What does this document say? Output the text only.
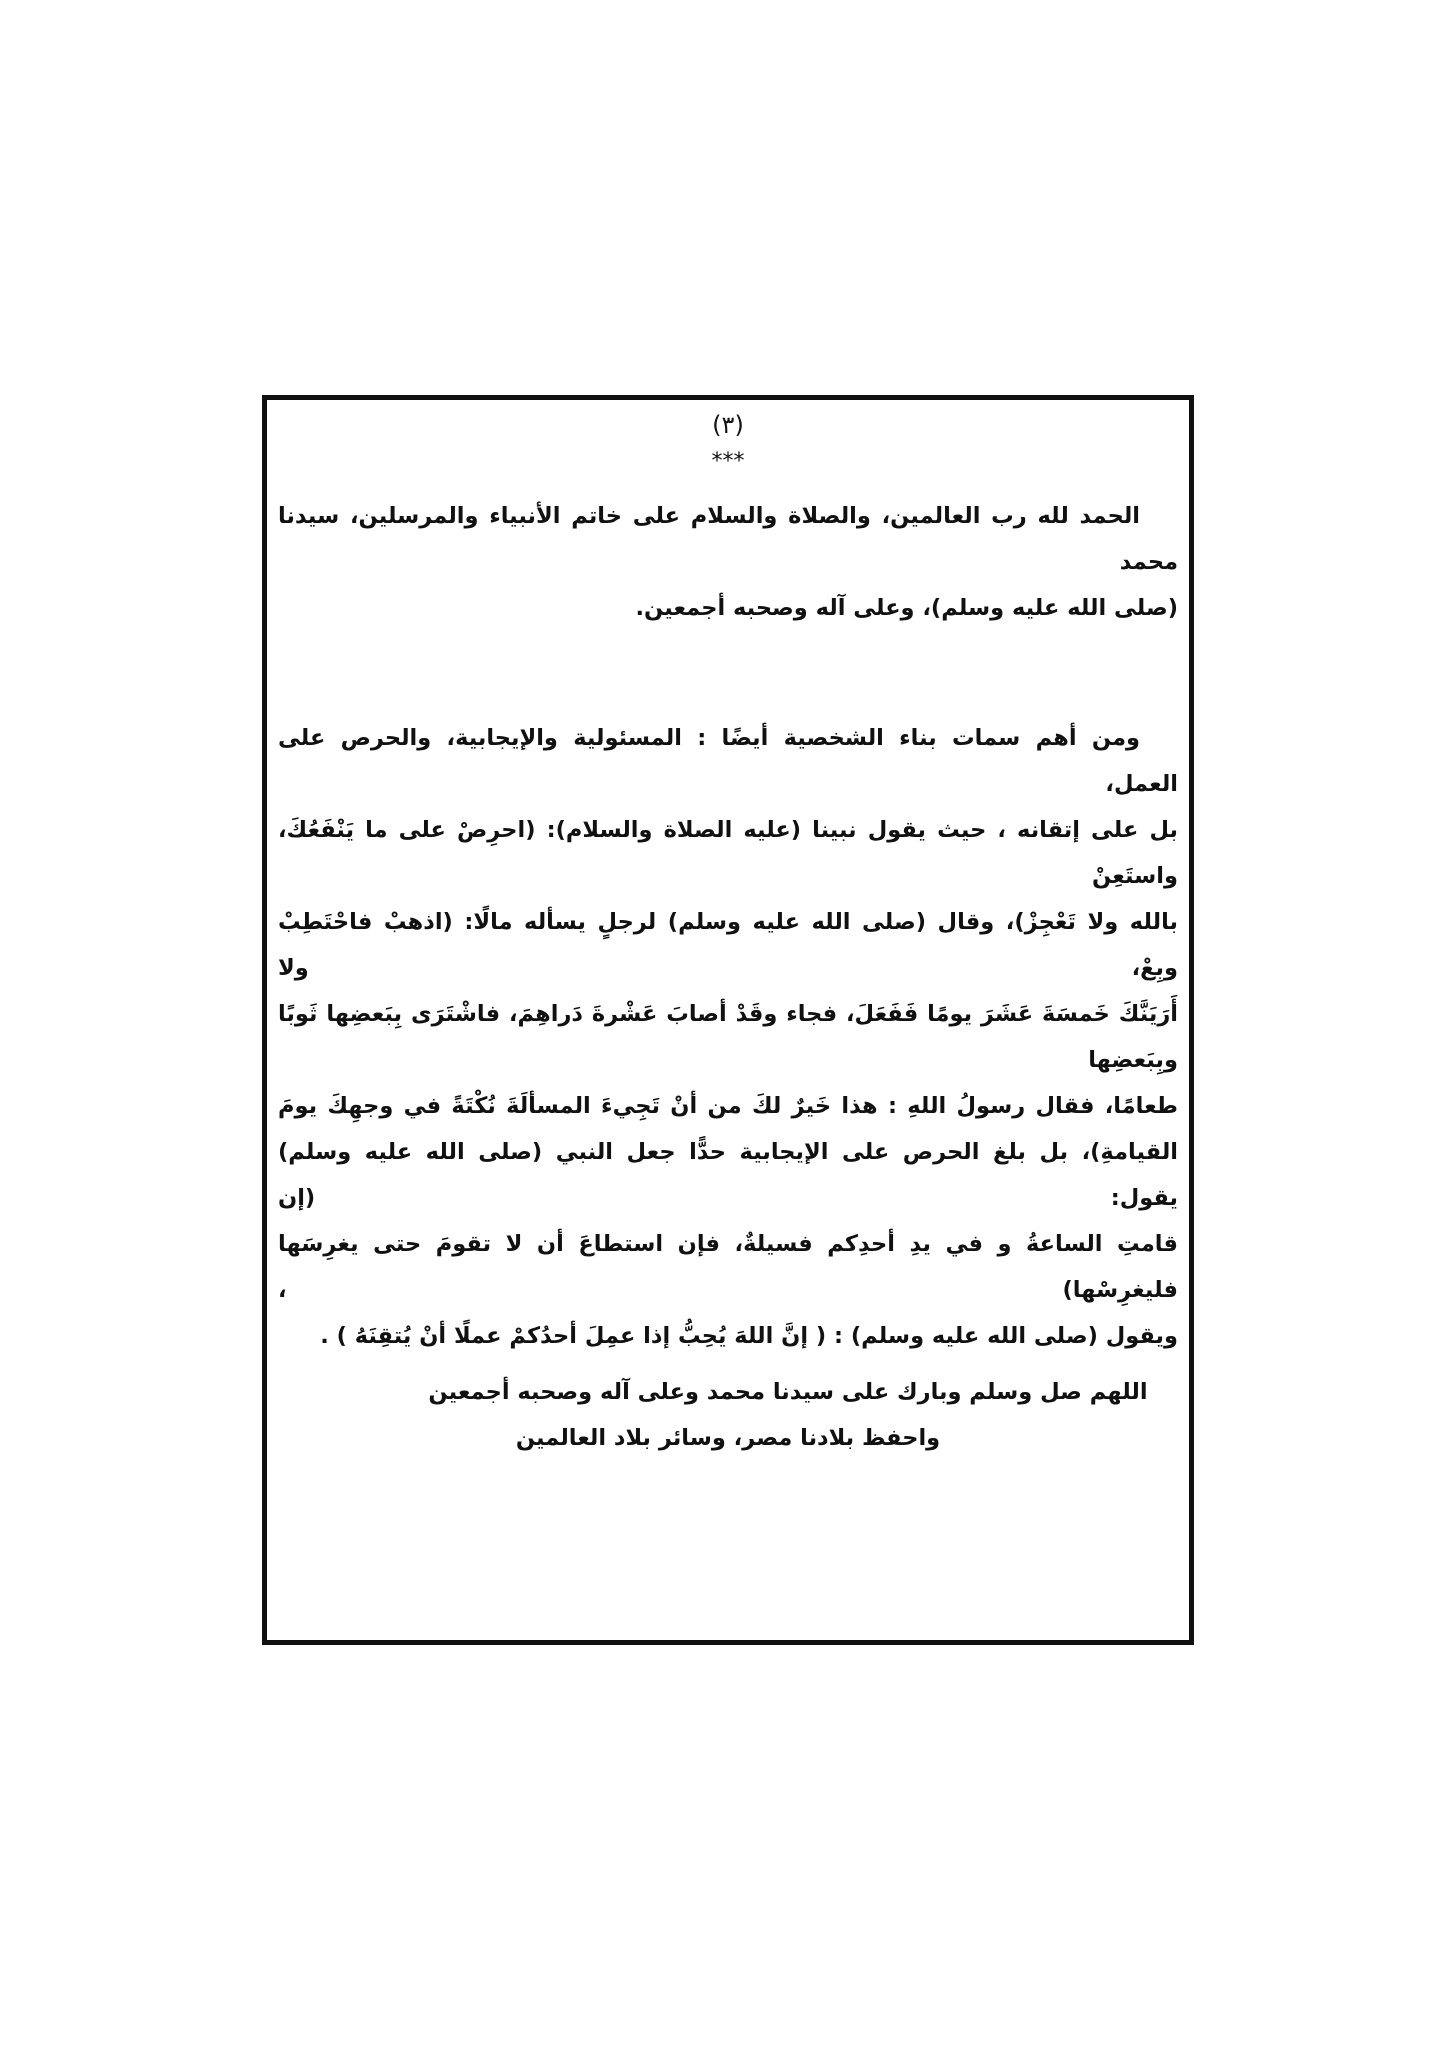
(٣)
***

الحمد لله رب العالمين، والصلاة والسلام على خاتم الأنبياء والمرسلين، سيدنا محمد
(صلى الله عليه وسلم)، وعلى آله وصحبه أجمعين.

ومن أهم سمات بناء الشخصية أيضًا : المسئولية والإيجابية، والحرص على العمل،
بل على إتقانه ، حيث يقول نبينا (عليه الصلاة والسلام): (احرِصْ على ما يَنْفَعُكَ، واستَعِنْ
بالله ولا تَعْجِزْ)، وقال (صلى الله عليه وسلم) لرجلٍ يسأله مالًا: (اذهبْ فاحْتَطِبْ وبِعْ، ولا
أَرَيَنَّكَ خَمسَةَ عَشَرَ يومًا فَفَعَلَ، فجاء وقَدْ أصابَ عَشْرةَ دَراهِمَ، فاشْتَرَى بِبَعضِها ثَوبًا وبِبَعضِها
طعامًا، فقال رسولُ اللهِ : هذا خَيرٌ لكَ من أنْ تَجِيءَ المسألَةَ نُكْتَةً في وجهِكَ يومَ
القيامةِ)، بل بلغ الحرص على الإيجابية حدًّا جعل النبي (صلى الله عليه وسلم) يقول: (إن
قامتِ الساعةُ و في يدِ أحدِكم فسيلةٌ، فإن استطاعَ أن لا تقومَ حتى يغرِسَها فليغرِسْها) ،
ويقول (صلى الله عليه وسلم) : ( إنَّ اللهَ يُحِبُّ إذا عمِلَ أحدُكمْ عملًا أنْ يُتقِنَهُ ) .

اللهم صل وسلم وبارك على سيدنا محمد وعلى آله وصحبه أجمعين
واحفظ بلادنا مصر، وسائر بلاد العالمين
